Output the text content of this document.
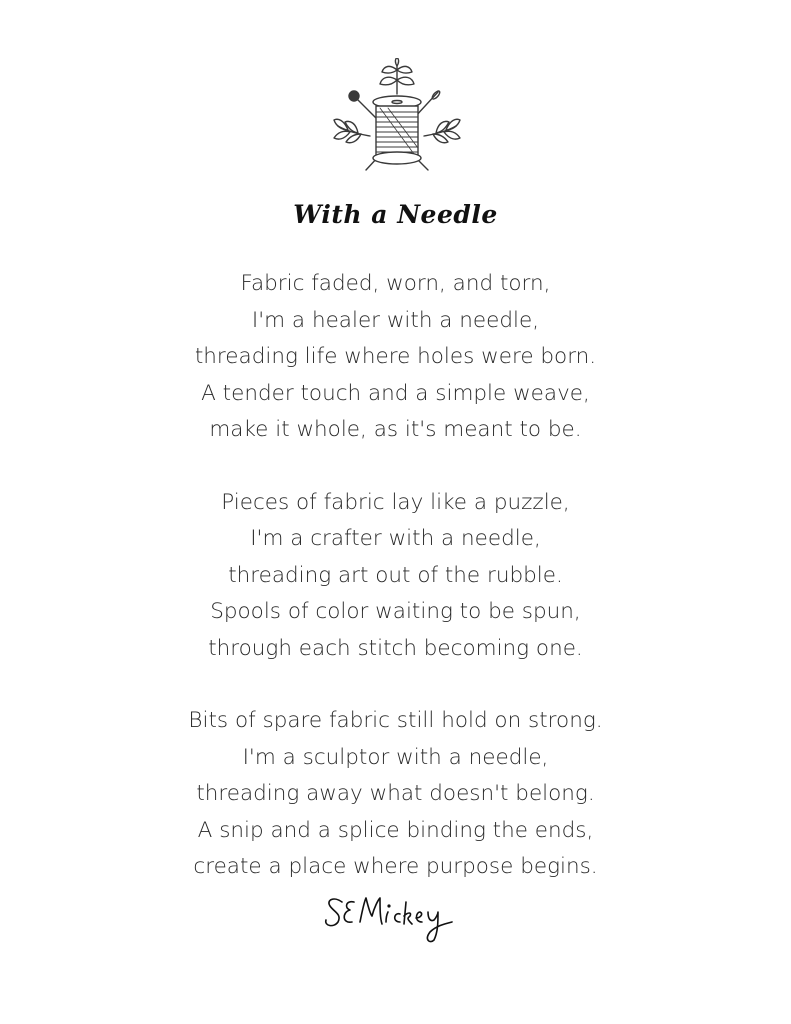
With a Needle
Fabric faded, worn, and torn,
I'm a healer with a needle,
threading life where holes were born.
A tender touch and a simple weave,
make it whole, as it's meant to be.
Pieces of fabric lay like a puzzle,
I'm a crafter with a needle,
threading art out of the rubble.
Spools of color waiting to be spun,
through each stitch becoming one.
Bits of spare fabric still hold on strong.
I'm a sculptor with a needle,
threading away what doesn't belong.
A snip and a splice binding the ends,
create a place where purpose begins.
